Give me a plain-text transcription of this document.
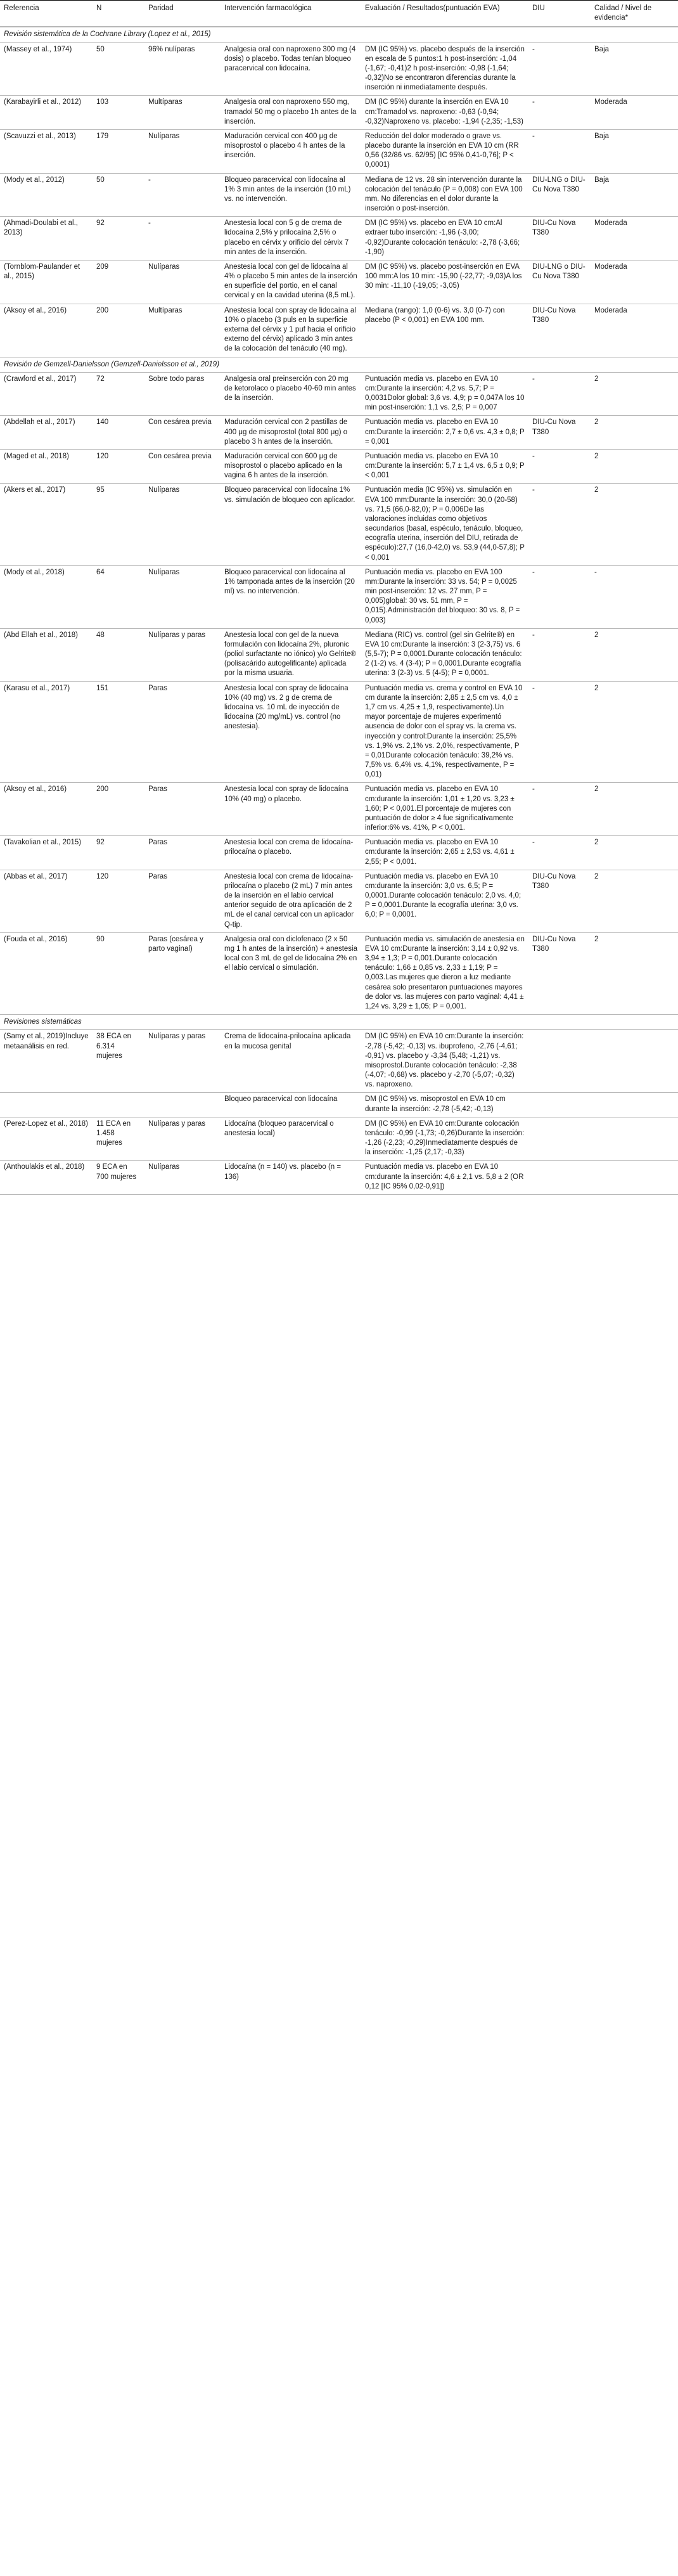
Referencia	N	Paridad	Intervención farmacológica	Evaluación / Resultados(puntuación EVA)	DIU	Calidad / Nivel de evidencia*
Revisión sistemática de la Cochrane Library (Lopez et al., 2015)						
(Massey et al., 1974)	50	96% nulíparas	Analgesia oral con naproxeno 300 mg (4 dosis) o placebo. Todas tenían bloqueo paracervical con lidocaína.	DM (IC 95%) vs. placebo después de la inserción en escala de 5 puntos:1 h post-inserción: -1,04 (-1,67; -0,41)2 h post-inserción: -0,98 (-1,64; -0,32)No se encontraron diferencias durante la inserción ni inmediatamente después.	-	Baja
(Karabayirli et al., 2012)	103	Multíparas	Analgesia oral con naproxeno 550 mg, tramadol 50 mg o placebo 1h antes de la inserción.	DM (IC 95%) durante la inserción en EVA 10 cm:Tramadol vs. naproxeno: -0,63 (-0,94; -0,32)Naproxeno vs. placebo: -1,94 (-2,35; -1,53)	-	Moderada
(Scavuzzi et al., 2013)	179	Nulíparas	Maduración cervical con 400 μg de misoprostol o placebo 4 h antes de la inserción.	Reducción del dolor moderado o grave vs. placebo durante la inserción en EVA 10 cm (RR 0,56 (32/86 vs. 62/95) [IC 95% 0,41-0,76]; P < 0,0001)	-	Baja
(Mody et al., 2012)	50	-	Bloqueo paracervical con lidocaína al 1% 3 min antes de la inserción (10 mL) vs. no intervención.	Mediana de 12 vs. 28 sin intervención durante la colocación del tenáculo (P = 0,008) con EVA 100 mm. No diferencias en el dolor durante la inserción o post-inserción.	DIU-LNG o DIU-Cu Nova T380	Baja
(Ahmadi-Doulabi et al., 2013)	92	-	Anestesia local con 5 g de crema de lidocaína 2,5% y prilocaína 2,5% o placebo en cérvix y orificio del cérvix 7 min antes de la inserción.	DM (IC 95%) vs. placebo en EVA 10 cm:Al extraer tubo inserción: -1,96 (-3,00; -0,92)Durante colocación tenáculo: -2,78 (-3,66; -1,90)	DIU-Cu Nova T380	Moderada
(Tornblom-Paulander et al., 2015)	209	Nulíparas	Anestesia local con gel de lidocaína al 4% o placebo 5 min antes de la inserción en superficie del portio, en el canal cervical y en la cavidad uterina (8,5 mL).	DM (IC 95%) vs. placebo post-inserción en EVA 100 mm:A los 10 min: -15,90 (-22,77; -9,03)A los 30 min: -11,10 (-19,05; -3,05)	DIU-LNG o DIU-Cu Nova T380	Moderada
(Aksoy et al., 2016)	200	Multíparas	Anestesia local con spray de lidocaína al 10% o placebo (3 puls en la superficie externa del cérvix y 1 puf hacia el orificio externo del cérvix) aplicado 3 min antes de la colocación del tenáculo (40 mg).	Mediana (rango): 1,0 (0-6) vs. 3,0 (0-7) con placebo (P < 0,001) en EVA 100 mm.	DIU-Cu Nova T380	Moderada
Revisión de Gemzell-Danielsson (Gemzell-Danielsson et al., 2019)						
(Crawford et al., 2017)	72	Sobre todo paras	Analgesia oral preinserción con 20 mg de ketorolaco o placebo 40-60 min antes de la inserción.	Puntuación media vs. placebo en EVA 10 cm:Durante la inserción: 4,2 vs. 5,7; P = 0,0031Dolor global: 3,6 vs. 4,9; p = 0,047A los 10 min post-inserción: 1,1 vs. 2,5; P = 0,007	-	2
(Abdellah et al., 2017)	140	Con cesárea previa	Maduración cervical con 2 pastillas de 400 μg de misoprostol (total 800 μg) o placebo 3 h antes de la inserción.	Puntuación media vs. placebo en EVA 10 cm:Durante la inserción: 2,7 ± 0,6 vs. 4,3 ± 0,8; P = 0,001	DIU-Cu Nova T380	2
(Maged et al., 2018)	120	Con cesárea previa	Maduración cervical con 600 μg de misoprostol o placebo aplicado en la vagina 6 h antes de la inserción.	Puntuación media vs. placebo en EVA 10 cm:Durante la inserción: 5,7 ± 1,4 vs. 6,5 ± 0,9; P < 0,001	-	2
(Akers et al., 2017)	95	Nulíparas	Bloqueo paracervical con lidocaína 1% vs. simulación de bloqueo con aplicador.	Puntuación media (IC 95%) vs. simulación en EVA 100 mm:Durante la inserción: 30,0 (20-58) vs. 71,5 (66,0-82,0); P = 0,006De las valoraciones incluidas como objetivos secundarios (basal, espéculo, tenáculo, bloqueo, ecografía uterina, inserción del DIU, retirada de espéculo):27,7 (16,0-42,0) vs. 53,9 (44,0-57,8); P < 0,001	-	2
(Mody et al., 2018)	64	Nulíparas	Bloqueo paracervical con lidocaína al 1% tamponada antes de la inserción (20 ml) vs. no intervención.	Puntuación media vs. placebo en EVA 100 mm:Durante la inserción: 33 vs. 54; P = 0,0025 min post-inserción: 12 vs. 27 mm, P = 0,005)global: 30 vs. 51 mm, P = 0,015).Administración del bloqueo: 30 vs. 8, P = 0,003)	-	-
(Abd Ellah et al., 2018)	48	Nulíparas y paras	Anestesia local con gel de la nueva formulación con lidocaína 2%, pluronic (poliol surfactante no iónico) y/o Gelrite® (polisacárido autogelificante) aplicada por la misma usuaria.	Mediana (RIC) vs. control (gel sin Gelrite®) en EVA 10 cm:Durante la inserción: 3 (2-3,75) vs. 6 (5,5-7); P = 0,0001.Durante colocación tenáculo: 2 (1-2) vs. 4 (3-4); P = 0,0001.Durante ecografía uterina: 3 (2-3) vs. 5 (4-5); P = 0,0001.	-	2
(Karasu et al., 2017)	151	Paras	Anestesia local con spray de lidocaína 10% (40 mg) vs. 2 g de crema de lidocaína vs. 10 mL de inyección de lidocaína (20 mg/mL) vs. control (no anestesia).	Puntuación media vs. crema y control en EVA 10 cm durante la inserción: 2,85 ± 2,5 cm vs. 4,0 ± 1,7 cm vs. 4,25 ± 1,9, respectivamente).Un mayor porcentaje de mujeres experimentó ausencia de dolor con el spray vs. la crema vs. inyección y control:Durante la inserción: 25,5% vs. 1,9% vs. 2,1% vs. 2,0%, respectivamente, P = 0,01Durante colocación tenáculo: 39,2% vs. 7,5% vs. 6,4% vs. 4,1%, respectivamente, P = 0,01)	-	2
(Aksoy et al., 2016)	200	Paras	Anestesia local con spray de lidocaína 10% (40 mg) o placebo.	Puntuación media vs. placebo en EVA 10 cm:durante la inserción: 1,01 ± 1,20 vs. 3,23 ± 1,60; P < 0,001.El porcentaje de mujeres con puntuación de dolor ≥ 4 fue significativamente inferior:6% vs. 41%, P < 0,001.	-	2
(Tavakolian et al., 2015)	92	Paras	Anestesia local con crema de lidocaína-prilocaína o placebo.	Puntuación media vs. placebo en EVA 10 cm:durante la inserción: 2,65 ± 2,53 vs. 4,61 ± 2,55; P < 0,001.	-	2
(Abbas et al., 2017)	120	Paras	Anestesia local con crema de lidocaína-prilocaína o placebo (2 mL) 7 min antes de la inserción en el labio cervical anterior seguido de otra aplicación de 2 mL de el canal cervical con un aplicador Q-tip.	Puntuación media vs. placebo en EVA 10 cm:durante la inserción: 3,0 vs. 6,5; P = 0,0001.Durante colocación tenáculo: 2,0 vs. 4,0; P = 0,0001.Durante la ecografía uterina: 3,0 vs. 6,0; P = 0,0001.	DIU-Cu Nova T380	2
(Fouda et al., 2016)	90	Paras (cesárea y parto vaginal)	Analgesia oral con diclofenaco (2 x 50 mg 1 h antes de la inserción) + anestesia local con 3 mL de gel de lidocaína 2% en el labio cervical o simulación.	Puntuación media vs. simulación de anestesia en EVA 10 cm:Durante la inserción: 3,14 ± 0,92 vs. 3,94 ± 1,3; P = 0,001.Durante colocación tenáculo: 1,66 ± 0,85 vs. 2,33 ± 1,19; P = 0,003.Las mujeres que dieron a luz mediante cesárea solo presentaron puntuaciones mayores de dolor vs. las mujeres con parto vaginal: 4,41 ± 1,24 vs. 3,29 ± 1,05; P = 0,001.	DIU-Cu Nova T380	2
Revisiones sistemáticas						
(Samy et al., 2019)Incluye metaanálisis en red.	38 ECA en 6.314 mujeres	Nulíparas y paras	Crema de lidocaína-prilocaína aplicada en la mucosa genital	DM (IC 95%) en EVA 10 cm:Durante la inserción: -2,78 (-5,42; -0,13) vs. ibuprofeno, -2,76 (-4,61; -0,91) vs. placebo y -3,34 (5,48; -1,21) vs. misoprostol.Durante colocación tenáculo: -2,38 (-4,07; -0,68) vs. placebo y -2,70 (-5,07; -0,32) vs. naproxeno.		
			Bloqueo paracervical con lidocaína	DM (IC 95%) vs. misoprostol en EVA 10 cm durante la inserción: -2,78 (-5,42; -0,13)		
(Perez-Lopez et al., 2018)	11 ECA en 1.458 mujeres	Nulíparas y paras	Lidocaína (bloqueo paracervical o anestesia local)	DM (IC 95%) en EVA 10 cm:Durante colocación tenáculo: -0,99 (-1,73; -0,26)Durante la inserción: -1,26 (-2,23; -0,29)Inmediatamente después de la inserción: -1,25 (2,17; -0,33)		
(Anthoulakis et al., 2018)	9 ECA en 700 mujeres	Nulíparas	Lidocaína (n = 140) vs. placebo (n = 136)	Puntuación media vs. placebo en EVA 10 cm:durante la inserción: 4,6 ± 2,1 vs. 5,8 ± 2 (OR 0,12 [IC 95% 0,02-0,91])		
